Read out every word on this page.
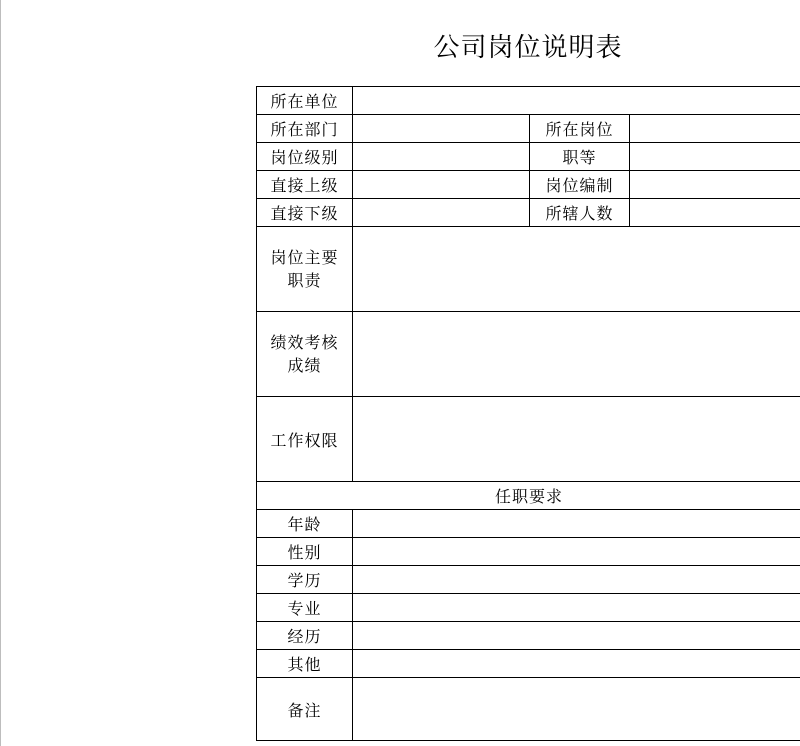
公司岗位说明表
所在单位			
所在部门		所在岗位	
岗位级别		职等	
直接上级		岗位编制	
直接下级		所辖人数	

岗位主要
职责			

绩效考核
成绩			

工作权限			
任职要求			
年龄			
性别			
学历			
专业			
经历			
其他			
备注			
